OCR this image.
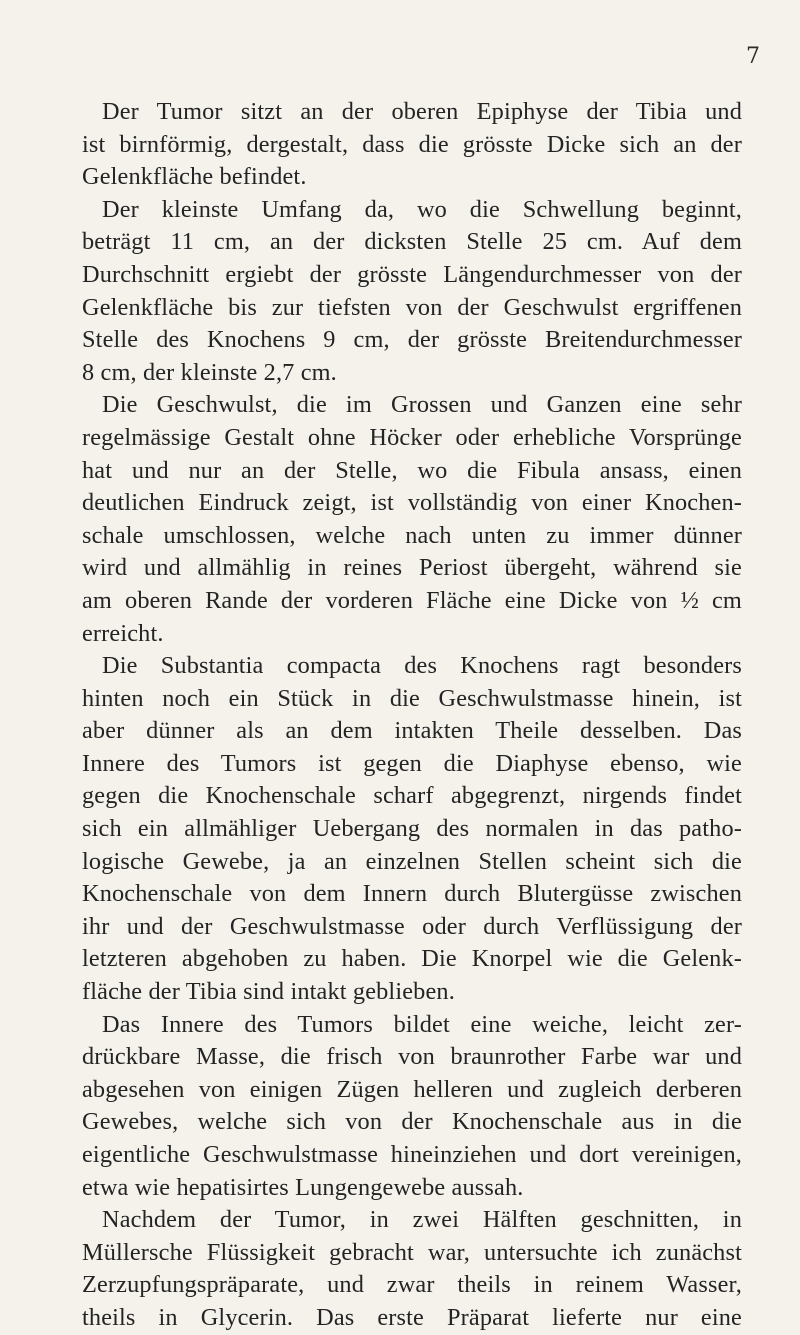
7
Der Tumor sitzt an der oberen Epiphyse der Tibia und
ist birnförmig, dergestalt, dass die grösste Dicke sich an der
Gelenkfläche befindet.
Der kleinste Umfang da, wo die Schwellung beginnt,
beträgt 11 cm, an der dicksten Stelle 25 cm. Auf dem
Durchschnitt ergiebt der grösste Längendurchmesser von der
Gelenkfläche bis zur tiefsten von der Geschwulst ergriffenen
Stelle des Knochens 9 cm, der grösste Breitendurchmesser
8 cm, der kleinste 2,7 cm.
Die Geschwulst, die im Grossen und Ganzen eine sehr
regelmässige Gestalt ohne Höcker oder erhebliche Vorsprünge
hat und nur an der Stelle, wo die Fibula ansass, einen
deutlichen Eindruck zeigt, ist vollständig von einer Knochen-
schale umschlossen, welche nach unten zu immer dünner
wird und allmählig in reines Periost übergeht, während sie
am oberen Rande der vorderen Fläche eine Dicke von ½ cm
erreicht.
Die Substantia compacta des Knochens ragt besonders
hinten noch ein Stück in die Geschwulstmasse hinein, ist
aber dünner als an dem intakten Theile desselben. Das
Innere des Tumors ist gegen die Diaphyse ebenso, wie
gegen die Knochenschale scharf abgegrenzt, nirgends findet
sich ein allmähliger Uebergang des normalen in das patho-
logische Gewebe, ja an einzelnen Stellen scheint sich die
Knochenschale von dem Innern durch Blutergüsse zwischen
ihr und der Geschwulstmasse oder durch Verflüssigung der
letzteren abgehoben zu haben. Die Knorpel wie die Gelenk-
fläche der Tibia sind intakt geblieben.
Das Innere des Tumors bildet eine weiche, leicht zer-
drückbare Masse, die frisch von braunrother Farbe war und
abgesehen von einigen Zügen helleren und zugleich derberen
Gewebes, welche sich von der Knochenschale aus in die
eigentliche Geschwulstmasse hineinziehen und dort vereinigen,
etwa wie hepatisirtes Lungengewebe aussah.
Nachdem der Tumor, in zwei Hälften geschnitten, in
Müllersche Flüssigkeit gebracht war, untersuchte ich zunächst
Zerzupfungspräparate, und zwar theils in reinem Wasser,
theils in Glycerin. Das erste Präparat lieferte nur eine
